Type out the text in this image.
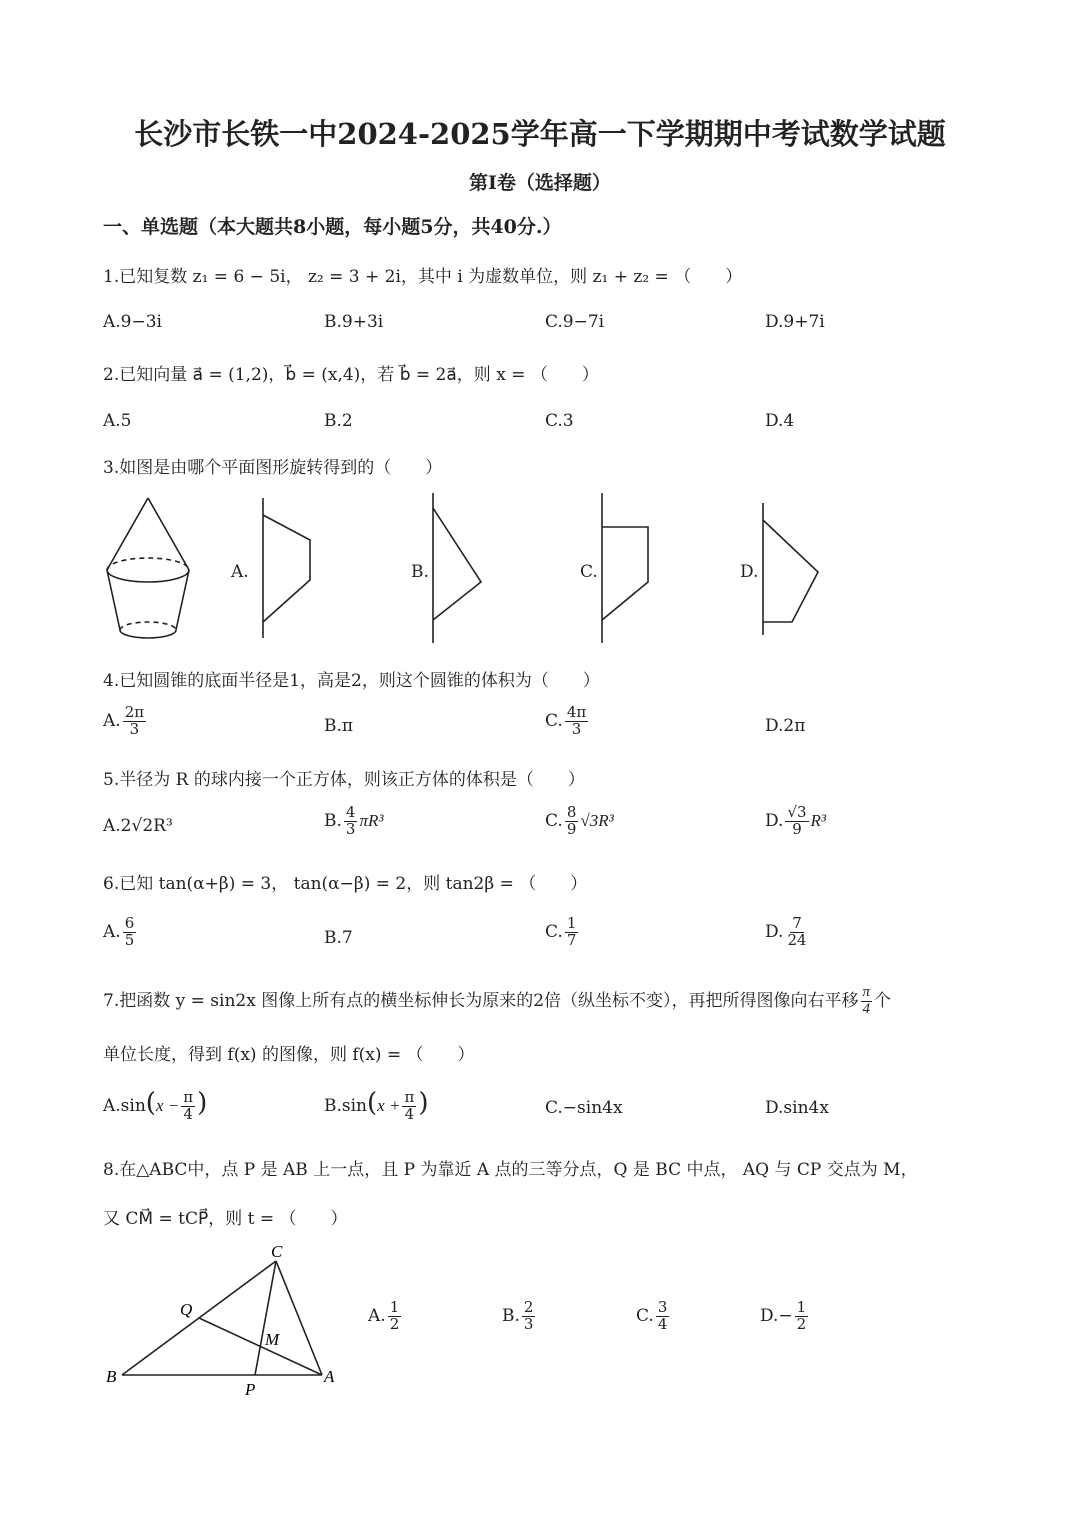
长沙市长铁一中2024-2025学年高一下学期期中考试数学试题
第I卷（选择题）
一、单选题（本大题共8小题，每小题5分，共40分.）
1.已知复数 z₁ = 6 − 5i， z₂ = 3 + 2i，其中 i 为虚数单位，则 z₁ + z₂ = （　　）
A.9−3i	B.9+3i	C.9−7i	D.9+7i
2.已知向量 a⃗ = (1,2)，b⃗ = (x,4)，若 b⃗ = 2a⃗，则 x = （　　）
A.5	B.2	C.3	D.4
3.如图是由哪个平面图形旋转得到的（　　）
A.	B.	C.	D.
4.已知圆锥的底面半径是1，高是2，则这个圆锥的体积为（　　）
A. $\frac{2\pi}{3}$	B.π	C. $\frac{4\pi}{3}$	D.2π
5.半径为 R 的球内接一个正方体，则该正方体的体积是（　　）
A.2√2R³	B. $\frac{4}{3} \pi R^3$	C. $\frac{8}{9} √3R^3$	D. $\frac{√3}{9} R^3$
6.已知 tan(α+β) = 3， tan(α−β) = 2，则 tan2β = （　　）
A. $\frac{6}{5}$	B.7	C. $\frac{1}{7}$	D. $\frac{7}{24}$
7.把函数 y = sin2x 图像上所有点的横坐标伸长为原来的2倍（纵坐标不变），再把所得图像向右平移 $\frac{\pi}{4}$ 个
单位长度，得到 f(x) 的图像，则 f(x) = （　　）
$A.\sin(x - \frac{\pi}{4}$ )	$B.\sin(x + \frac{\pi}{4}$ )	C.−sin4x	D.sin4x
8.在△ABC中，点 P 是 AB 上一点，且 P 为靠近 A 点的三等分点，Q 是 BC 中点， AQ 与 CP 交点为 M，
又 CM⃗ = tCP⃗，则 t = （　　）
C
Q
M
B
P
A
A. $\frac{1}{2}$	B. $\frac{2}{3}$	C. $\frac{3}{4}$	$D.- \frac{1}{2}$
